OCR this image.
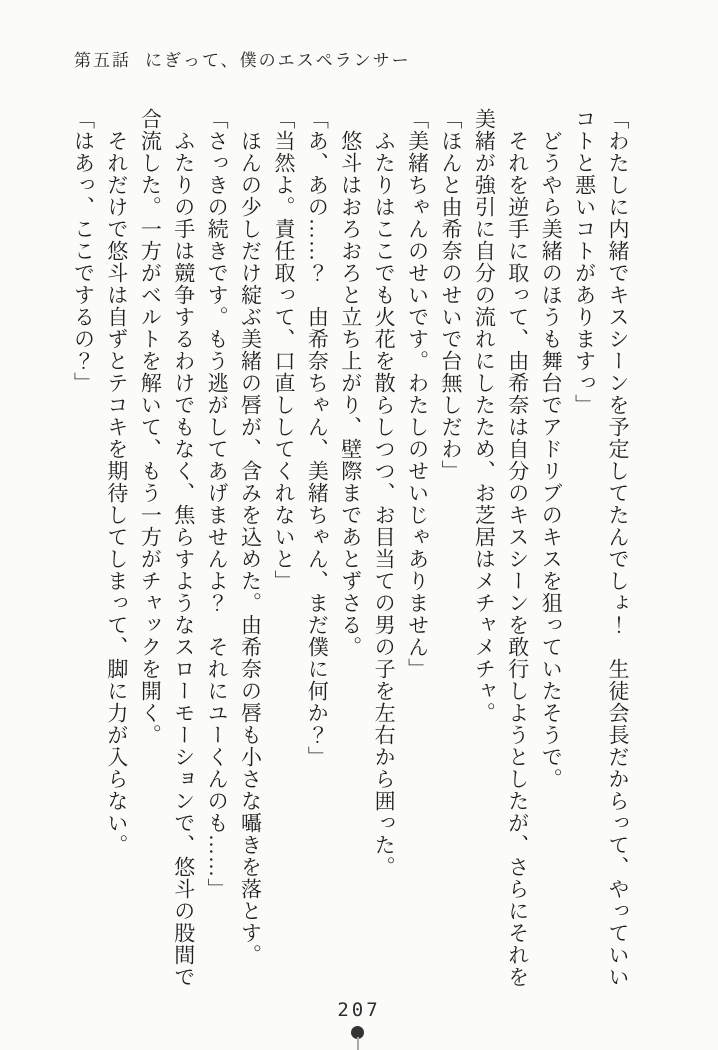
第五話 にぎって、僕のエスペランサー
「わたしに内緒でキスシーンを予定してたんでしょ！　生徒会長だからって、やっていい
コトと悪いコトがありますっ」
　どうやら美緒のほうも舞台でアドリブのキスを狙っていたそうで。
　それを逆手に取って、由希奈は自分のキスシーンを敢行しようとしたが、さらにそれを
美緒が強引に自分の流れにしたため、お芝居はメチャメチャ。
「ほんと由希奈のせいで台無しだわ」
「美緒ちゃんのせいです。わたしのせいじゃありません」
　ふたりはここでも火花を散らしつつ、お目当ての男の子を左右から囲った。
　悠斗はおろおろと立ち上がり、壁際まであとずさる。
「あ、あの……？　由希奈ちゃん、美緒ちゃん、まだ僕に何か？」
「当然よ。責任取って、口直ししてくれないと」
　ほんの少しだけ綻ぶ美緒の唇が、含みを込めた。由希奈の唇も小さな囁きを落とす。
「さっきの続きです。もう逃がしてあげませんよ？　それにユーくんのも……」
　ふたりの手は競争するわけでもなく、焦らすようなスローモーションで、悠斗の股間で
合流した。一方がベルトを解いて、もう一方がチャックを開く。
　それだけで悠斗は自ずとテコキを期待してしまって、脚に力が入らない。
「はあっ、ここでするの？」
207
